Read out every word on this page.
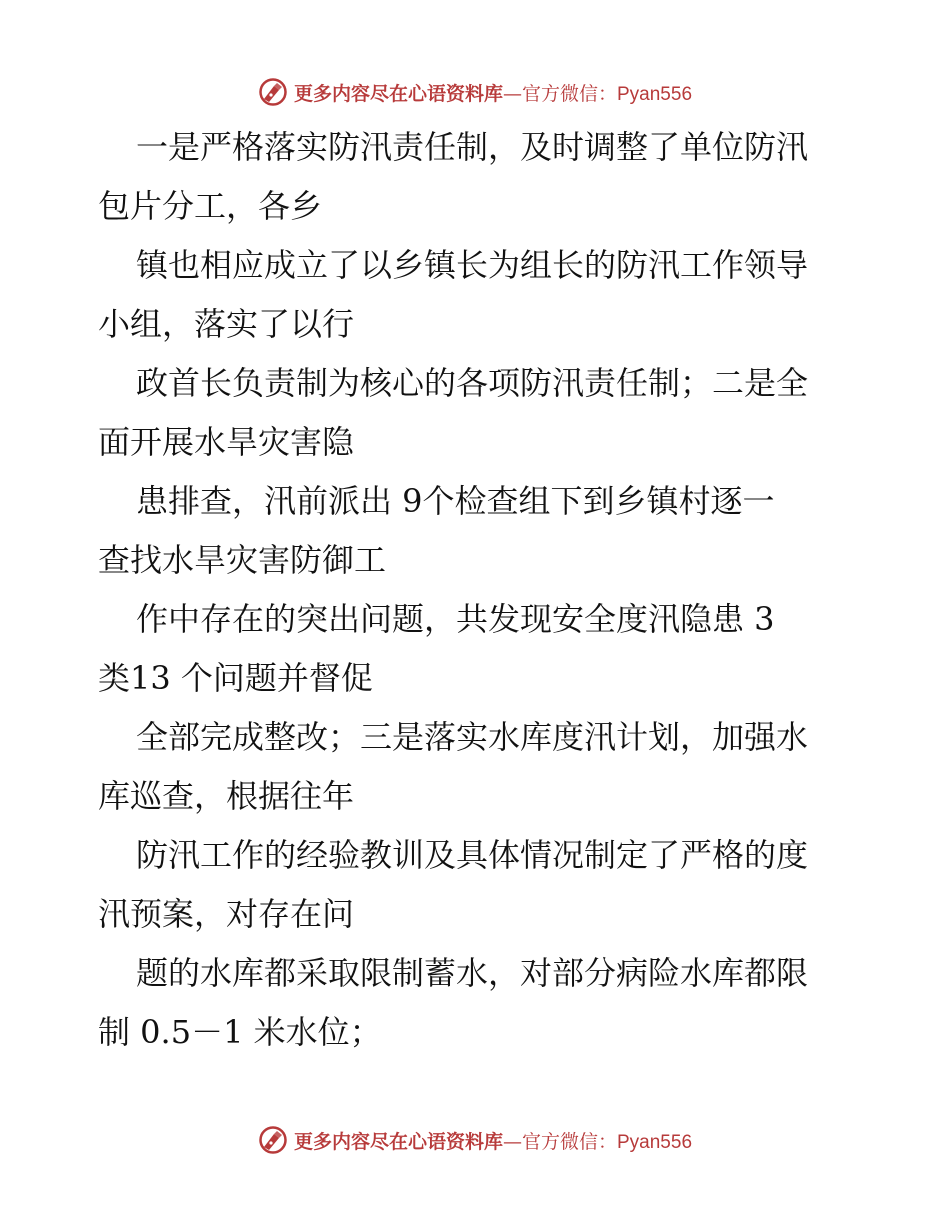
更多内容尽在心语资料库—官方微信：Pyan556
一是严格落实防汛责任制，及时调整了单位防汛
包片分工，各乡
镇也相应成立了以乡镇长为组长的防汛工作领导
小组，落实了以行
政首长负责制为核心的各项防汛责任制；二是全
面开展水旱灾害隐
患排查，汛前派出 9个检查组下到乡镇村逐一
查找水旱灾害防御工
作中存在的突出问题，共发现安全度汛隐患 3
类13 个问题并督促
全部完成整改；三是落实水库度汛计划，加强水
库巡查，根据往年
防汛工作的经验教训及具体情况制定了严格的度
汛预案，对存在问
题的水库都采取限制蓄水，对部分病险水库都限
制 0.5－1 米水位；
更多内容尽在心语资料库—官方微信：Pyan556
